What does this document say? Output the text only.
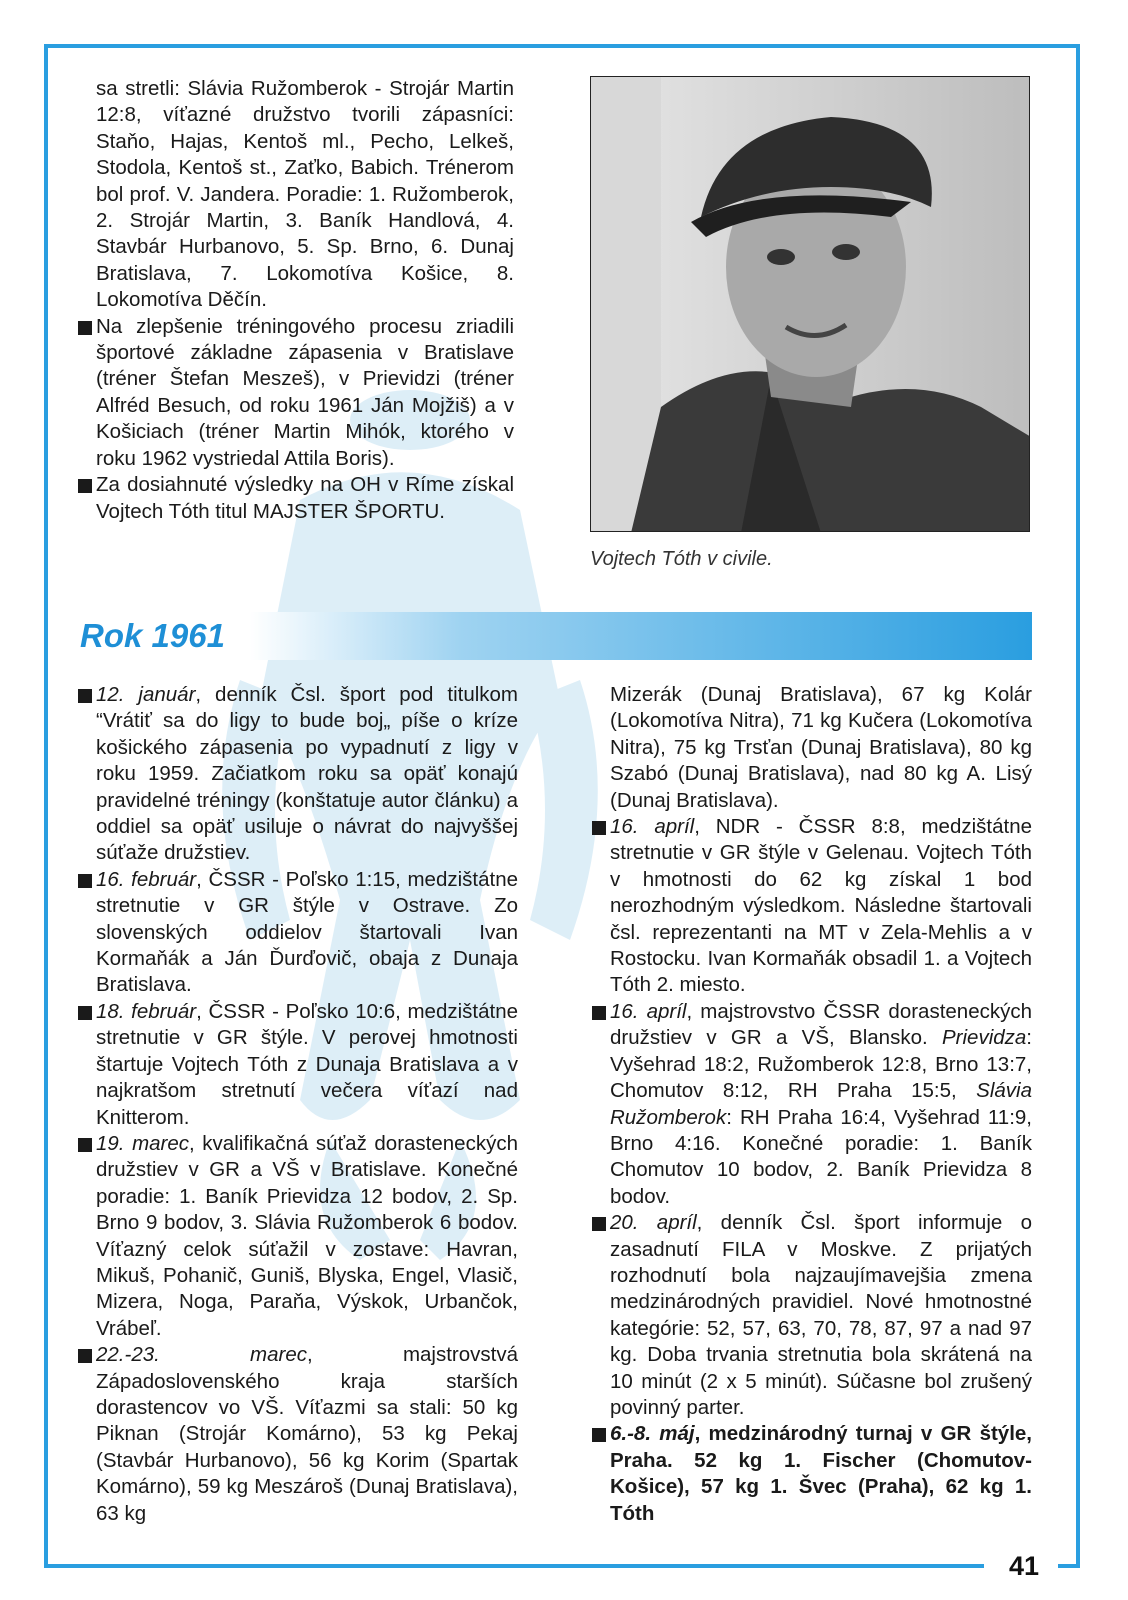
41

sa stretli: Slávia Ružomberok - Strojár Martin 12:8, víťazné družstvo tvorili zápasníci: Staňo, Hajas, Kentoš ml., Pecho, Lelkeš, Stodola, Kentoš st., Zaťko, Babich. Trénerom bol prof. V. Jandera. Poradie: 1. Ružomberok, 2. Strojár Martin, 3. Baník Handlová, 4. Stavbár Hurbanovo, 5. Sp. Brno, 6. Dunaj Bratislava, 7. Lokomotíva Košice, 8. Lokomotíva Děčín.

Na zlepšenie tréningového procesu zriadili športové základne zápasenia v Bratislave (tréner Štefan Meszeš), v Prievidzi (tréner Alfréd Besuch, od roku 1961 Ján Mojžiš) a v Košiciach (tréner Martin Mihók, ktorého v roku 1962 vystriedal Attila Boris).

Za dosiahnuté výsledky na OH v Ríme získal Vojtech Tóth titul MAJSTER ŠPORTU.

Vojtech Tóth v civile.
Rok 1961

12. január, denník Čsl. šport pod titulkom “Vrátiť sa do ligy to bude boj„ píše o kríze košického zápasenia po vypadnutí z ligy v roku 1959. Začiatkom roku sa opäť konajú pravidelné tréningy (konštatuje autor článku) a oddiel sa opäť usiluje o návrat do najvyššej súťaže družstiev.

16. február, ČSSR - Poľsko 1:15, medzištátne stretnutie v GR štýle v Ostrave. Zo slovenských oddielov štartovali Ivan Kormaňák a Ján Ďurďovič, obaja z Dunaja Bratislava.

18. február, ČSSR - Poľsko 10:6, medzištátne stretnutie v GR štýle. V perovej hmotnosti štartuje Vojtech Tóth z Dunaja Bratislava a v najkratšom stretnutí večera víťazí nad Knitterom.

19. marec, kvalifikačná súťaž dorasteneckých družstiev v GR a VŠ v Bratislave. Konečné poradie: 1. Baník Prievidza 12 bodov, 2. Sp. Brno 9 bodov, 3. Slávia Ružomberok 6 bodov. Víťazný celok súťažil v zostave: Havran, Mikuš, Pohanič, Guniš, Blyska, Engel, Vlasič, Mizera, Noga, Paraňa, Výskok, Urbančok, Vrábeľ.

22.-23. marec, majstrovstvá Západoslovenského kraja starších dorastencov vo VŠ. Víťazmi sa stali: 50 kg Piknan (Strojár Komárno), 53 kg Pekaj (Stavbár Hurbanovo), 56 kg Korim (Spartak Komárno), 59 kg Meszároš (Dunaj Bratislava), 63 kg

Mizerák (Dunaj Bratislava), 67 kg Kolár (Lokomotíva Nitra), 71 kg Kučera (Lokomotíva Nitra), 75 kg Trsťan (Dunaj Bratislava), 80 kg Szabó (Dunaj Bratislava), nad 80 kg A. Lisý (Dunaj Bratislava).

16. apríl, NDR - ČSSR 8:8, medzištátne stretnutie v GR štýle v Gelenau. Vojtech Tóth v hmotnosti do 62 kg získal 1 bod nerozhodným výsledkom. Následne štartovali čsl. reprezentanti na MT v Zela-Mehlis a v Rostocku. Ivan Kormaňák obsadil 1. a Vojtech Tóth 2. miesto.

16. apríl, majstrovstvo ČSSR dorasteneckých družstiev v GR a VŠ, Blansko. Prievidza: Vyšehrad 18:2, Ružomberok 12:8, Brno 13:7, Chomutov 8:12, RH Praha 15:5, Slávia Ružomberok: RH Praha 16:4, Vyšehrad 11:9, Brno 4:16. Konečné poradie: 1. Baník Chomutov 10 bodov, 2. Baník Prievidza 8 bodov.

20. apríl, denník Čsl. šport informuje o zasadnutí FILA v Moskve. Z prijatých rozhodnutí bola najzaujímavejšia zmena medzinárodných pravidiel. Nové hmotnostné kategórie: 52, 57, 63, 70, 78, 87, 97 a nad 97 kg. Doba trvania stretnutia bola skrátená na 10 minút (2 x 5 minút). Súčasne bol zrušený povinný parter.

6.-8. máj, medzinárodný turnaj v GR štýle, Praha. 52 kg 1. Fischer (Chomutov-Košice), 57 kg 1. Švec (Praha), 62 kg 1. Tóth
